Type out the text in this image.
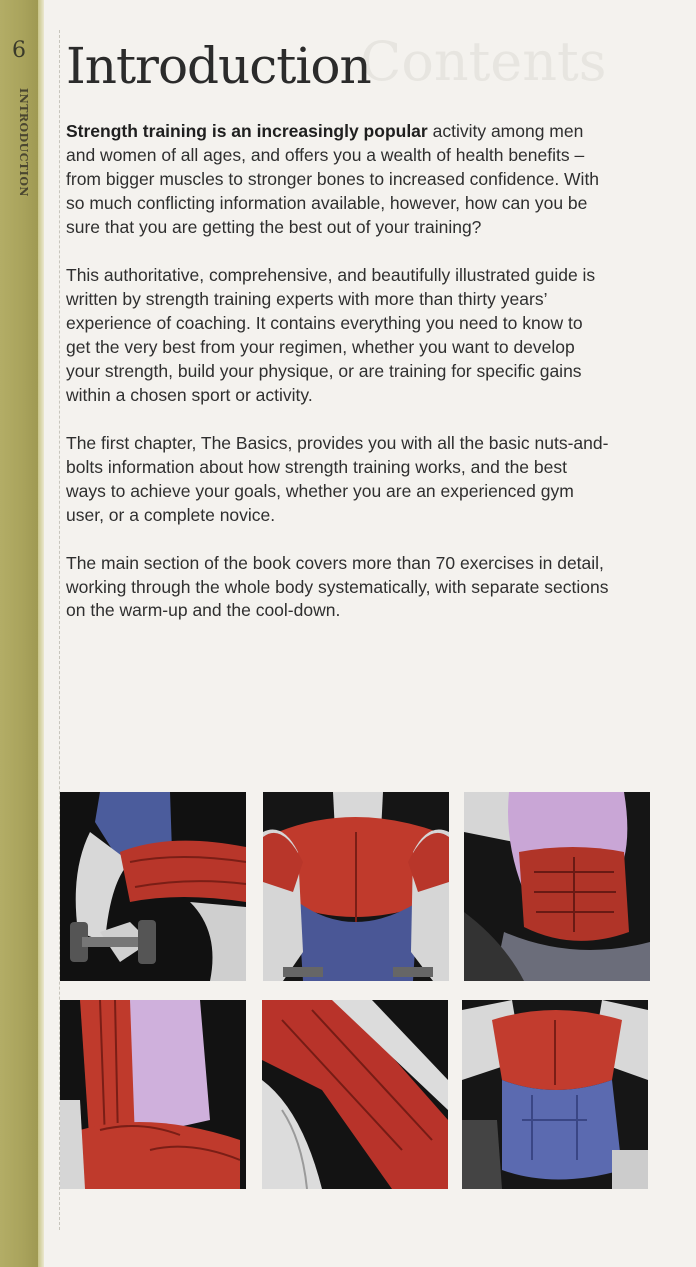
6
INTRODUCTION
Contents
Introduction

Strength training is an increasingly popular activity among men and women of all ages, and offers you a wealth of health benefits – from bigger muscles to stronger bones to increased confidence. With so much conflicting information available, however, how can you be sure that you are getting the best out of your training?

This authoritative, comprehensive, and beautifully illustrated guide is written by strength training experts with more than thirty years’ experience of coaching. It contains everything you need to know to get the very best from your regimen, whether you want to develop your strength, build your physique, or are training for specific gains within a chosen sport or activity.

The first chapter, The Basics, provides you with all the basic nuts-and-bolts information about how strength training works, and the best ways to achieve your goals, whether you are an experienced gym user, or a complete novice.

The main section of the book covers more than 70 exercises in detail, working through the whole body systematically, with separate sections on the warm-up and the cool-down.
